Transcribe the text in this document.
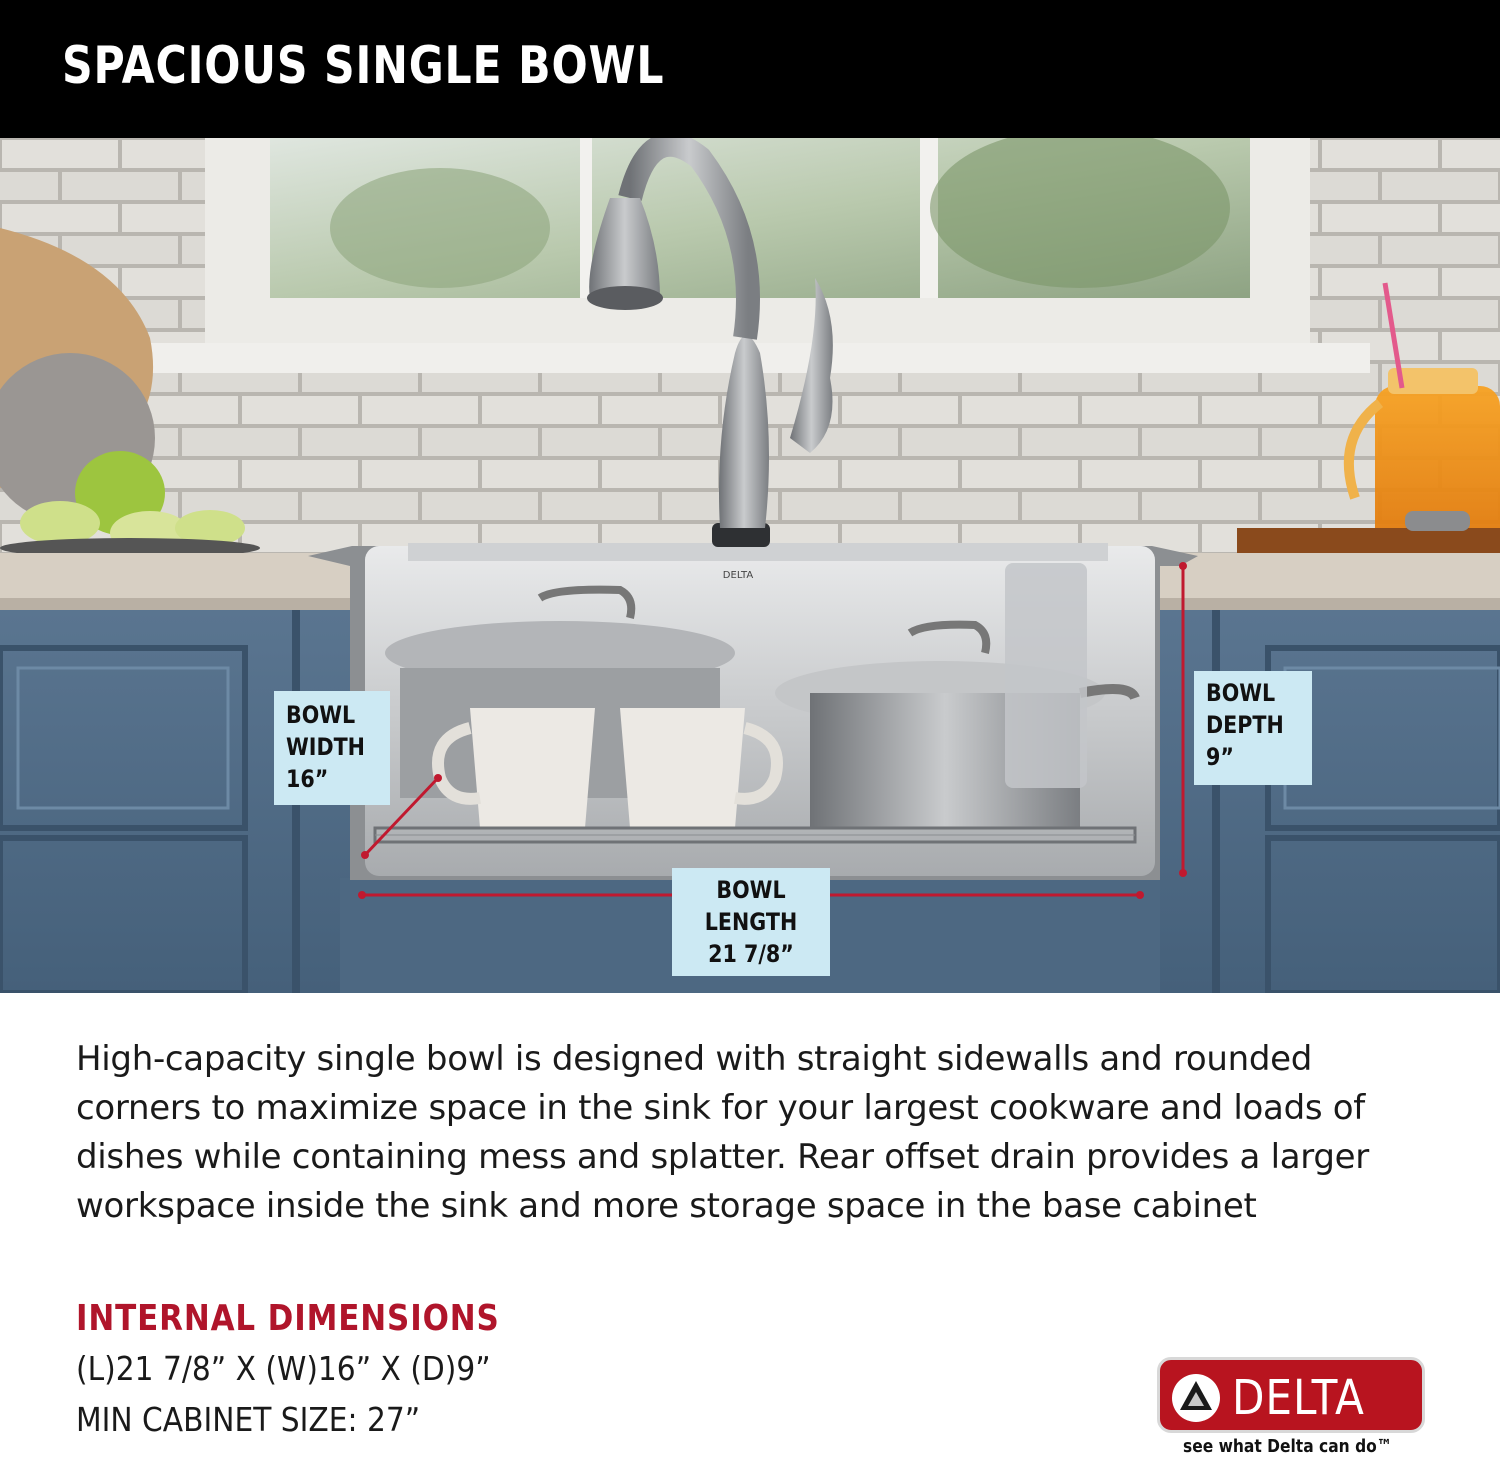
SPACIOUS SINGLE BOWL
DELTA
BOWL
WIDTH
16”
BOWL
DEPTH
9”
BOWL
LENGTH
21 7/8”

High-capacity single bowl is designed with straight sidewalls and rounded corners to maximize space in the sink for your largest cookware and loads of dishes while containing mess and splatter. Rear offset drain provides a larger workspace inside the sink and more storage space in the base cabinet

INTERNAL DIMENSIONS
(L)21 7/8” X (W)16” X (D)9”
MIN CABINET SIZE: 27”	DELTA
see what Delta can do™
